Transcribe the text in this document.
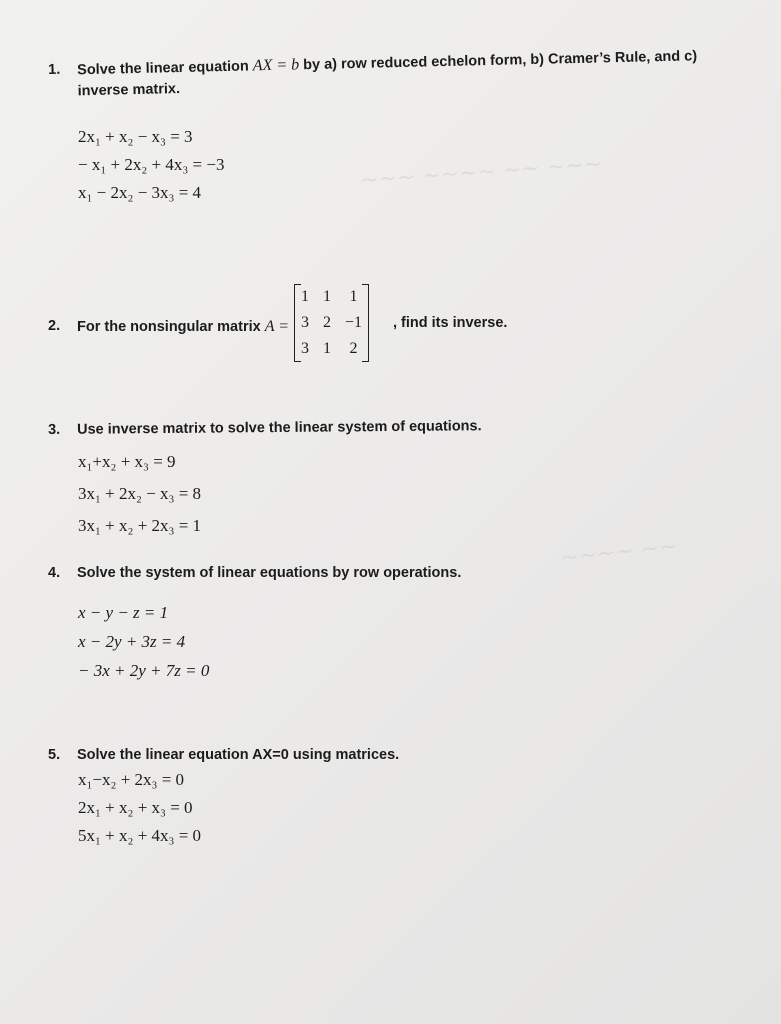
~~~ ~~~~ ~~ ~~~
~~~~ ~~
1. Solve the linear equation AX = b by a) row reduced echelon form, b) Cramer’s Rule, and c)
inverse matrix.
2x₁ + x₂ − x₃ = 3
− x₁ + 2x₂ + 4x₃ = −3
x₁ − 2x₂ − 3x₃ = 4
2. For the nonsingular matrix A =
1	1	1
3	2	−1
3	1	2
, find its inverse.
3. Use inverse matrix to solve the linear system of equations.
x₁+x₂ + x₃ = 9
3x₁ + 2x₂ − x₃ = 8
3x₁ + x₂ + 2x₃ = 1
4. Solve the system of linear equations by row operations.
x − y − z = 1
x − 2y + 3z = 4
− 3x + 2y + 7z = 0
5. Solve the linear equation AX=0 using matrices.
x₁−x₂ + 2x₃ = 0
2x₁ + x₂ + x₃ = 0
5x₁ + x₂ + 4x₃ = 0
